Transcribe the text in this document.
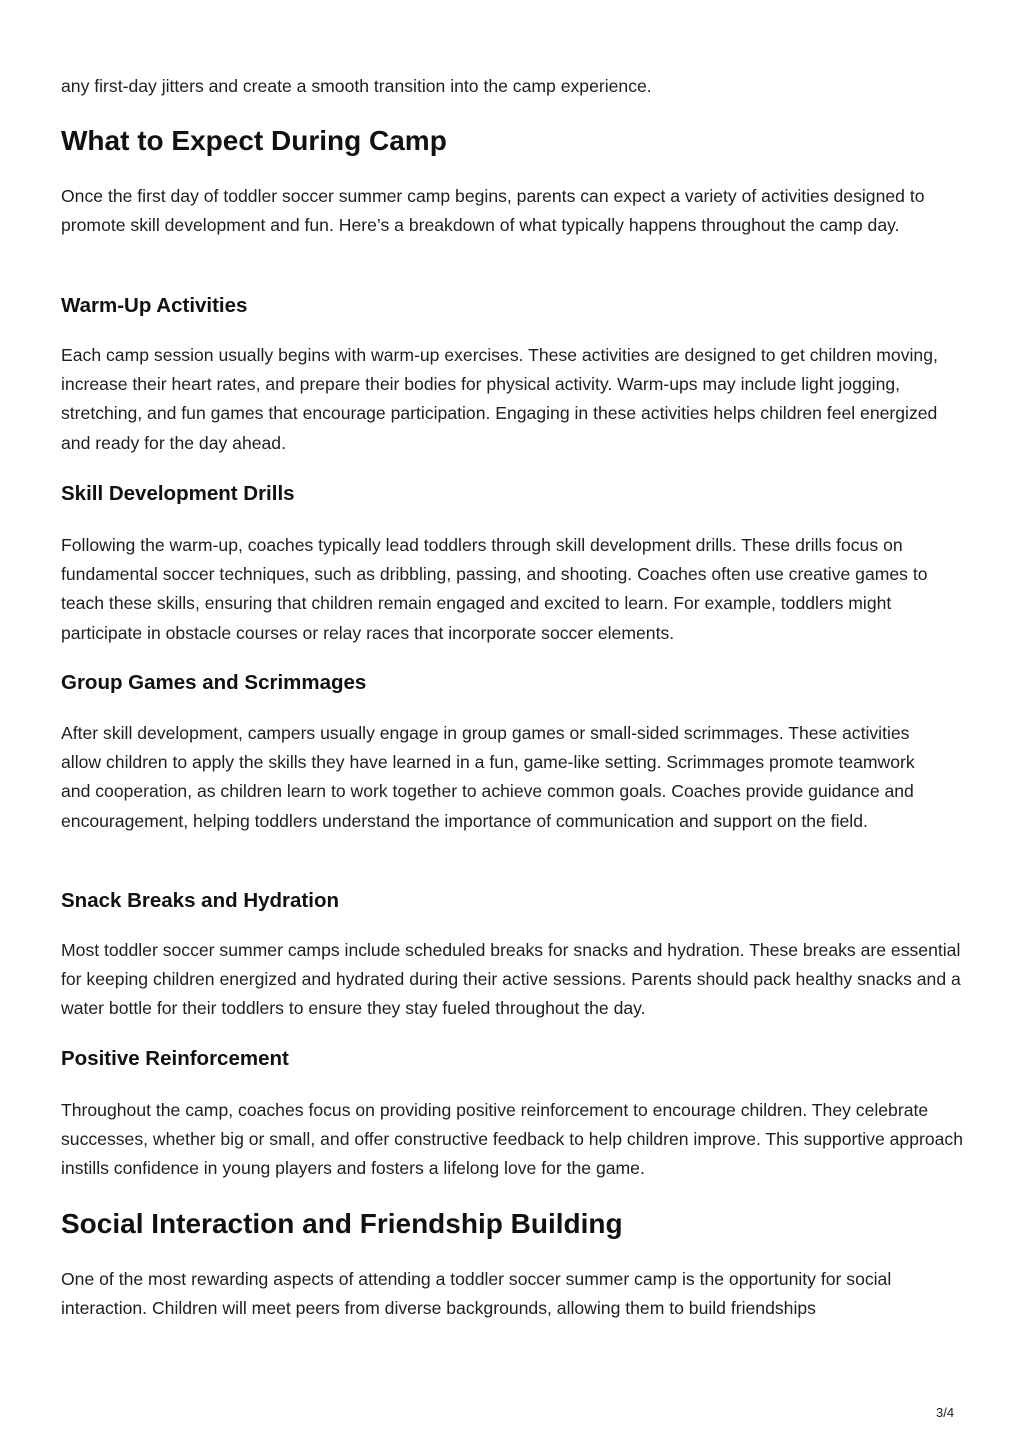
any first-day jitters and create a smooth transition into the camp experience.

What to Expect During Camp

Once the first day of toddler soccer summer camp begins, parents can expect a variety of activities designed to promote skill development and fun. Here’s a breakdown of what typically happens throughout the camp day.

Warm-Up Activities

Each camp session usually begins with warm-up exercises. These activities are designed to get children moving, increase their heart rates, and prepare their bodies for physical activity. Warm-ups may include light jogging, stretching, and fun games that encourage participation. Engaging in these activities helps children feel energized and ready for the day ahead.

Skill Development Drills

Following the warm-up, coaches typically lead toddlers through skill development drills. These drills focus on fundamental soccer techniques, such as dribbling, passing, and shooting. Coaches often use creative games to teach these skills, ensuring that children remain engaged and excited to learn. For example, toddlers might participate in obstacle courses or relay races that incorporate soccer elements.

Group Games and Scrimmages

After skill development, campers usually engage in group games or small-sided scrimmages. These activities allow children to apply the skills they have learned in a fun, game-like setting. Scrimmages promote teamwork and cooperation, as children learn to work together to achieve common goals. Coaches provide guidance and encouragement, helping toddlers understand the importance of communication and support on the field.

Snack Breaks and Hydration

Most toddler soccer summer camps include scheduled breaks for snacks and hydration. These breaks are essential for keeping children energized and hydrated during their active sessions. Parents should pack healthy snacks and a water bottle for their toddlers to ensure they stay fueled throughout the day.

Positive Reinforcement

Throughout the camp, coaches focus on providing positive reinforcement to encourage children. They celebrate successes, whether big or small, and offer constructive feedback to help children improve. This supportive approach instills confidence in young players and fosters a lifelong love for the game.

Social Interaction and Friendship Building

One of the most rewarding aspects of attending a toddler soccer summer camp is the opportunity for social interaction. Children will meet peers from diverse backgrounds, allowing them to build friendships

3/4
